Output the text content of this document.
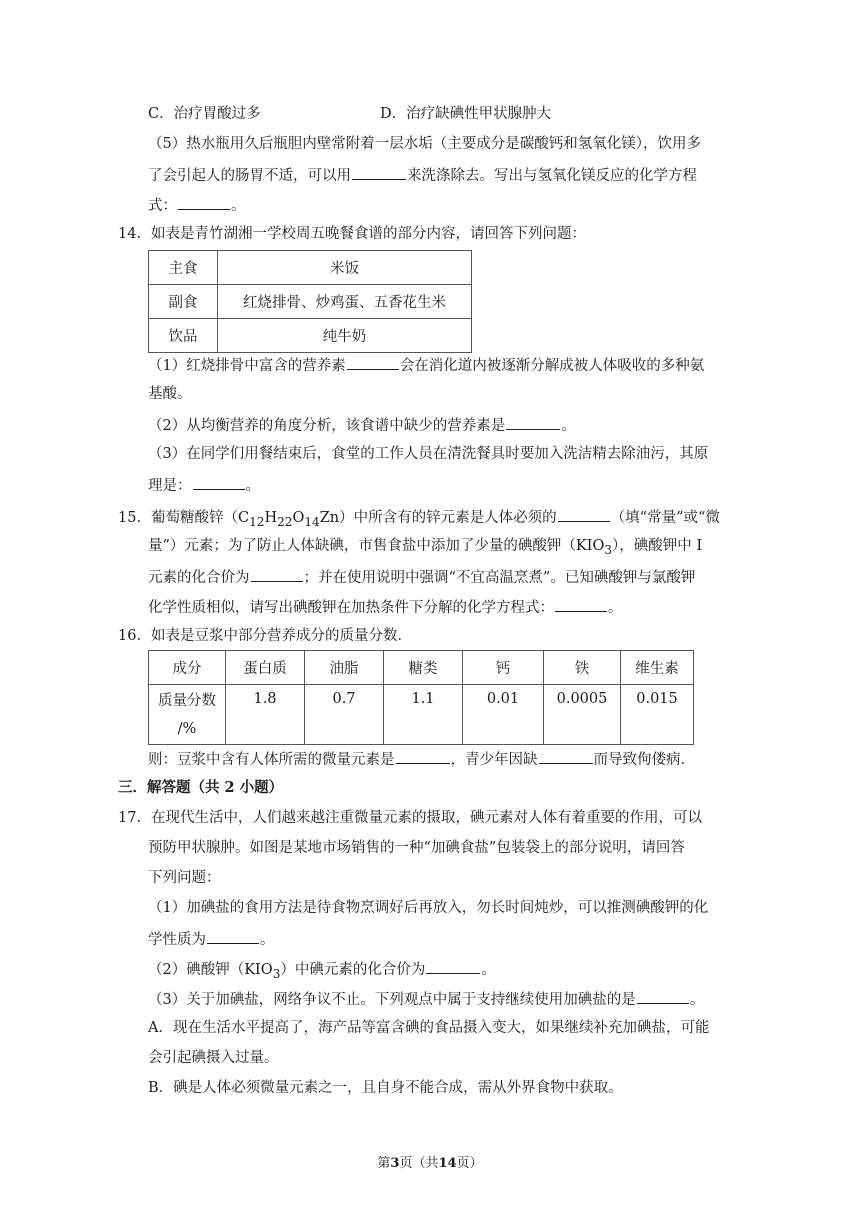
C．治疗胃酸过多	D．治疗缺碘性甲状腺肿大
（5）热水瓶用久后瓶胆内壁常附着一层水垢（主要成分是碳酸钙和氢氧化镁），饮用多
了会引起人的肠胃不适，可以用	来洗涤除去。写出与氢氧化镁反应的化学方程
式：	。
14．如表是青竹湖湘一学校周五晚餐食谱的部分内容，请回答下列问题：
主食	米饭
副食	红烧排骨、炒鸡蛋、五香花生米
饮品	纯牛奶
（1）红烧排骨中富含的营养素	会在消化道内被逐渐分解成被人体吸收的多种氨
基酸。
（2）从均衡营养的角度分析，该食谱中缺少的营养素是	。
（3）在同学们用餐结束后，食堂的工作人员在清洗餐具时要加入洗洁精去除油污，其原
理是：	。
15．葡萄糖酸锌$(C_{12}H_{22}O_{14}Zn)$中所含有的锌元素是人体必须的	（填“常量”或“微
量”）元素；为了防止人体缺碘，市售食盐中添加了少量的碘酸钾$(KIO_3)$，碘酸钾中 I
元素的化合价为	；并在使用说明中强调“不宜高温烹煮”。已知碘酸钾与氯酸钾
化学性质相似，请写出碘酸钾在加热条件下分解的化学方程式：	。
16．如表是豆浆中部分营养成分的质量分数．
成分	蛋白质	油脂	糖类	钙	铁	维生素
质量分数
/%	1.8	0.7	1.1	0.01	0.0005	0.015
则：豆浆中含有人体所需的微量元素是	，青少年因缺	而导致佝偻病．
三．解答题（共 2 小题）
17．在现代生活中，人们越来越注重微量元素的摄取，碘元素对人体有着重要的作用，可以
预防甲状腺肿。如图是某地市场销售的一种“加碘食盐”包装袋上的部分说明，请回答
下列问题：
（1）加碘盐的食用方法是待食物烹调好后再放入，勿长时间炖炒，可以推测碘酸钾的化
学性质为	。
（2）碘酸钾$(KIO_3)$中碘元素的化合价为	。
（3）关于加碘盐，网络争议不止。下列观点中属于支持继续使用加碘盐的是	。
A．现在生活水平提高了，海产品等富含碘的食品摄入变大，如果继续补充加碘盐，可能
会引起碘摄入过量。
B．碘是人体必须微量元素之一，且自身不能合成，需从外界食物中获取。
第3页（共14页）
